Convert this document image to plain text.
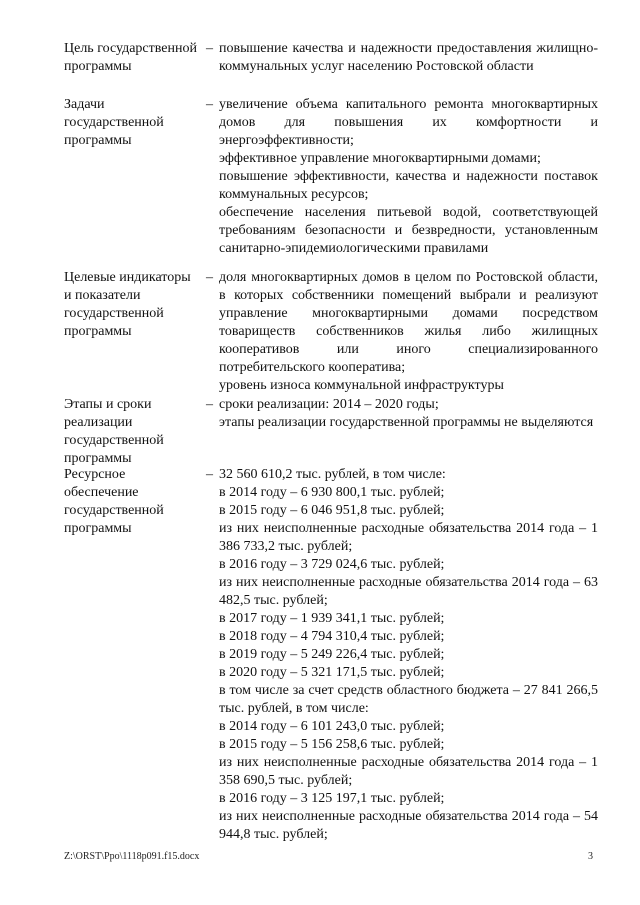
Цель государственной программы
– повышение качества и надежности предоставления жилищно-коммунальных услуг населению Ростовской области

Задачи государственной программы
– увеличение объема капитального ремонта многоквартирных домов для повышения их комфортности и энергоэффективности;

эффективное управление многоквартирными домами;

повышение эффективности, качества и надежности поставок коммунальных ресурсов;

обеспечение населения питьевой водой, соответствующей требованиям безопасности и безвредности, установленным санитарно-эпидемиологическими правилами

Целевые индикаторы и показатели государственной программы
– доля многоквартирных домов в целом по Ростовской области, в которых собственники помещений выбрали и реализуют управление многоквартирными домами посредством товариществ собственников жилья либо жилищных кооперативов или иного специализированного потребительского кооператива;

уровень износа коммунальной инфраструктуры

Этапы и сроки реализации государственной программы
– сроки реализации: 2014 – 2020 годы;

этапы реализации государственной программы не выделяются

Ресурсное обеспечение государственной программы
– 32 560 610,2 тыс. рублей, в том числе:

в 2014 году – 6 930 800,1 тыс. рублей;

в 2015 году – 6 046 951,8 тыс. рублей;

из них неисполненные расходные обязательства 2014 года – 1 386 733,2 тыс. рублей;

в 2016 году – 3 729 024,6 тыс. рублей;

из них неисполненные расходные обязательства 2014 года – 63 482,5 тыс. рублей;

в 2017 году – 1 939 341,1 тыс. рублей;

в 2018 году – 4 794 310,4 тыс. рублей;

в 2019 году – 5 249 226,4 тыс. рублей;

в 2020 году – 5 321 171,5 тыс. рублей;

в том числе за счет средств областного бюджета – 27 841 266,5 тыс. рублей, в том числе:

в 2014 году – 6 101 243,0 тыс. рублей;

в 2015 году – 5 156 258,6 тыс. рублей;

из них неисполненные расходные обязательства 2014 года – 1 358 690,5 тыс. рублей;

в 2016 году – 3 125 197,1 тыс. рублей;

из них неисполненные расходные обязательства 2014 года – 54 944,8 тыс. рублей;

Z:\ORST\Ppo\1118p091.f15.docx	3
